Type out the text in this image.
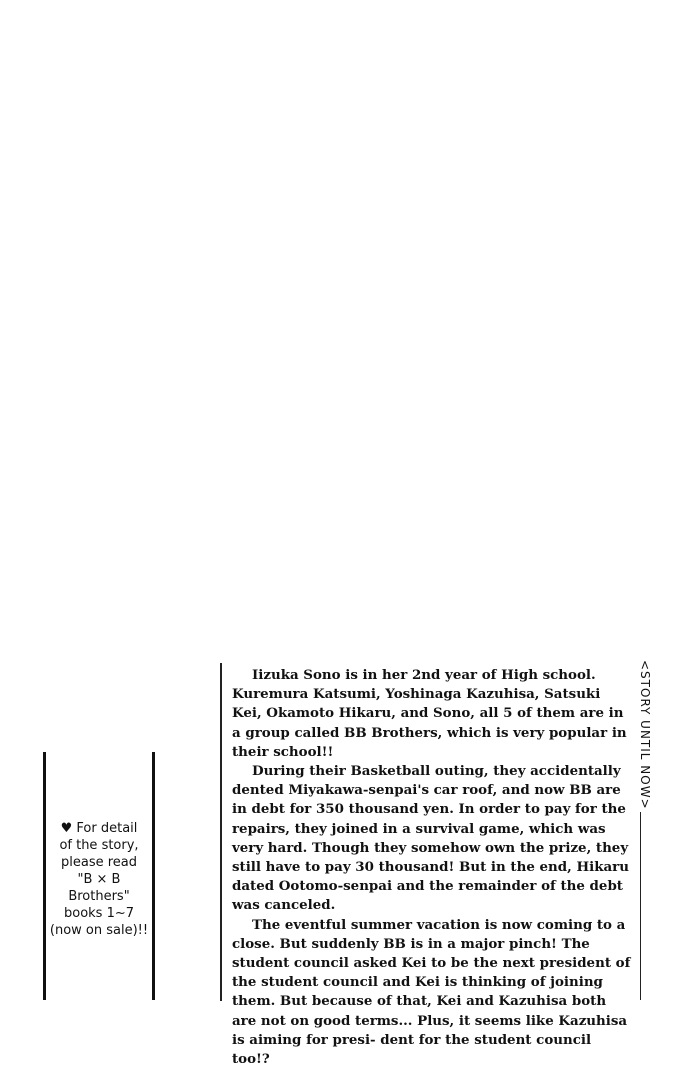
♥ For detail
of the story,
please read
"B × B
Brothers"
books 1~7
(now on sale)!!

Iizuka Sono is in her 2nd year of High school. Kuremura Katsumi, Yoshinaga Kazuhisa, Satsuki Kei, Okamoto Hikaru, and Sono, all 5 of them are in a group called BB Brothers, which is very popular in their school!!

During their Basketball outing, they accidentally dented Miyakawa-senpai's car roof, and now BB are in debt for 350 thousand yen. In order to pay for the repairs, they joined in a survival game, which was very hard. Though they somehow own the prize, they still have to pay 30 thousand! But in the end, Hikaru dated Ootomo-senpai and the remainder of the debt was canceled.

The eventful summer vacation is now coming to a close. But suddenly BB is in a major pinch! The student council asked Kei to be the next president of the student council and Kei is thinking of joining them. But because of that, Kei and Kazuhisa both are not on good terms... Plus, it seems like Kazuhisa is aiming for presi- dent for the student council too!?

<STORY UNTIL NOW>
